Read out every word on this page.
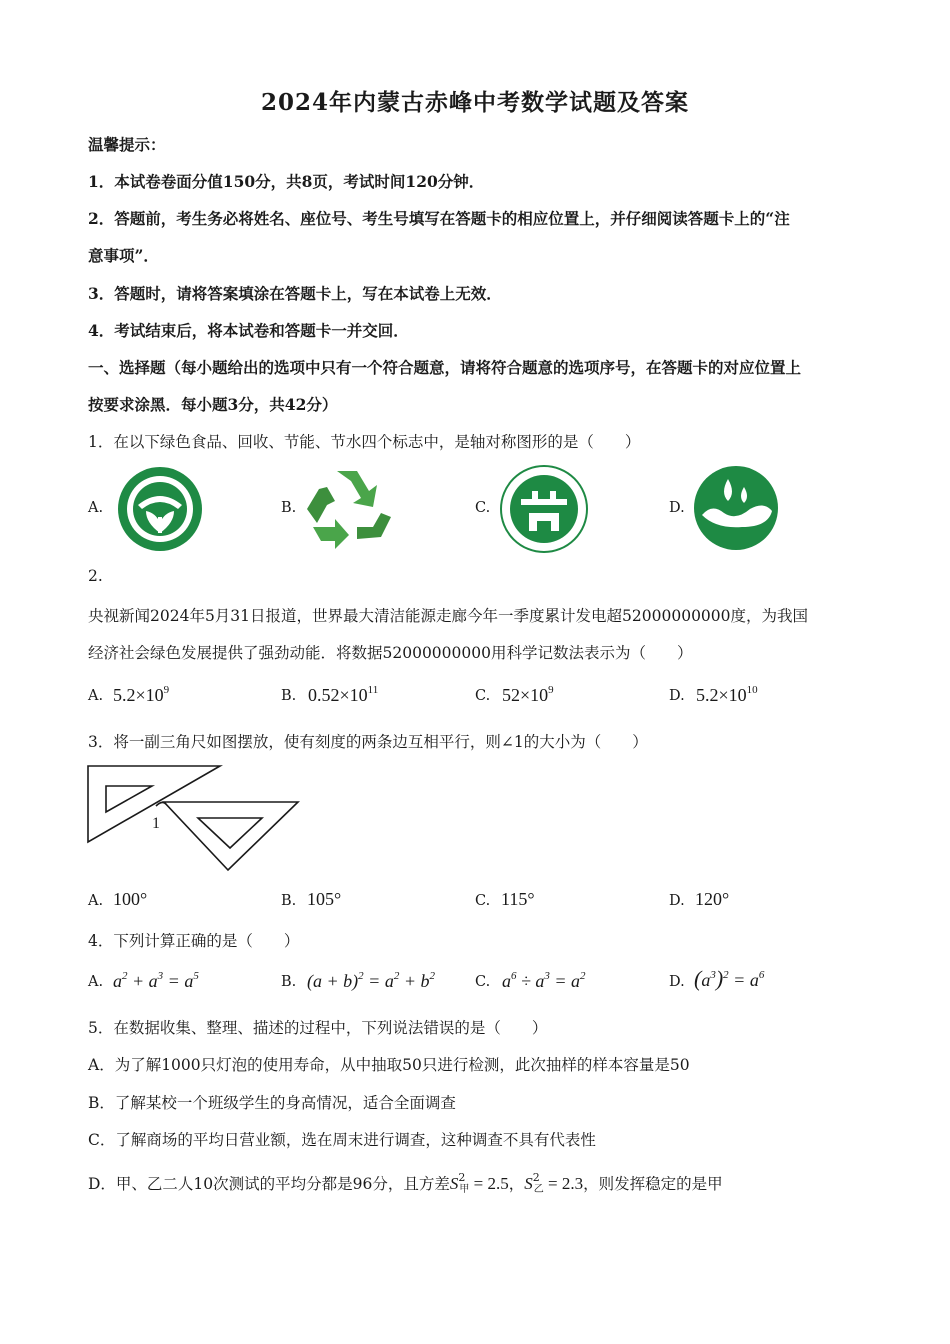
2024年内蒙古赤峰中考数学试题及答案
温馨提示：
1．本试卷卷面分值150分，共8页，考试时间120分钟．
2．答题前，考生务必将姓名、座位号、考生号填写在答题卡的相应位置上，并仔细阅读答题卡上的“注
意事项”．
3．答题时，请将答案填涂在答题卡上，写在本试卷上无效．
4．考试结束后，将本试卷和答题卡一并交回．
一、选择题（每小题给出的选项中只有一个符合题意，请将符合题意的选项序号，在答题卡的对应位置上
按要求涂黑．每小题3分，共42分）
1．在以下绿色食品、回收、节能、节水四个标志中，是轴对称图形的是（　　）
A.	B.	C.	D.
2.
央视新闻2024年5月31日报道，世界最大清洁能源走廊今年一季度累计发电超52000000000度，为我国
经济社会绿色发展提供了强劲动能．将数据52000000000用科学记数法表示为（　　）
A. $5.2\times 10^9$	B. $0.52\times 10^{11}$	C. $52\times 10^9$	D. $5.2\times 10^{10}$
3．将一副三角尺如图摆放，使有刻度的两条边互相平行，则∠1的大小为（　　）
1
A. 100°	B. 105°	C. 115°	D. 120°
4．下列计算正确的是（　　）
A. $a^2 + a^3 = a^5$	B. $(a + b)^2 = a^2 + b^2$	C. $a^6 \div a^3 = a^2$	D. $(a^3)^2 = a^6$
5．在数据收集、整理、描述的过程中，下列说法错误的是（　　）
A．为了解1000只灯泡的使用寿命，从中抽取50只进行检测，此次抽样的样本容量是50
B．了解某校一个班级学生的身高情况，适合全面调查
C．了解商场的平均日营业额，选在周末进行调查，这种调查不具有代表性
D．甲、乙二人10次测试的平均分都是96分，且方差$S^2_甲 = 2.5$，$S^2_乙 = 2.3$，则发挥稳定的是甲
